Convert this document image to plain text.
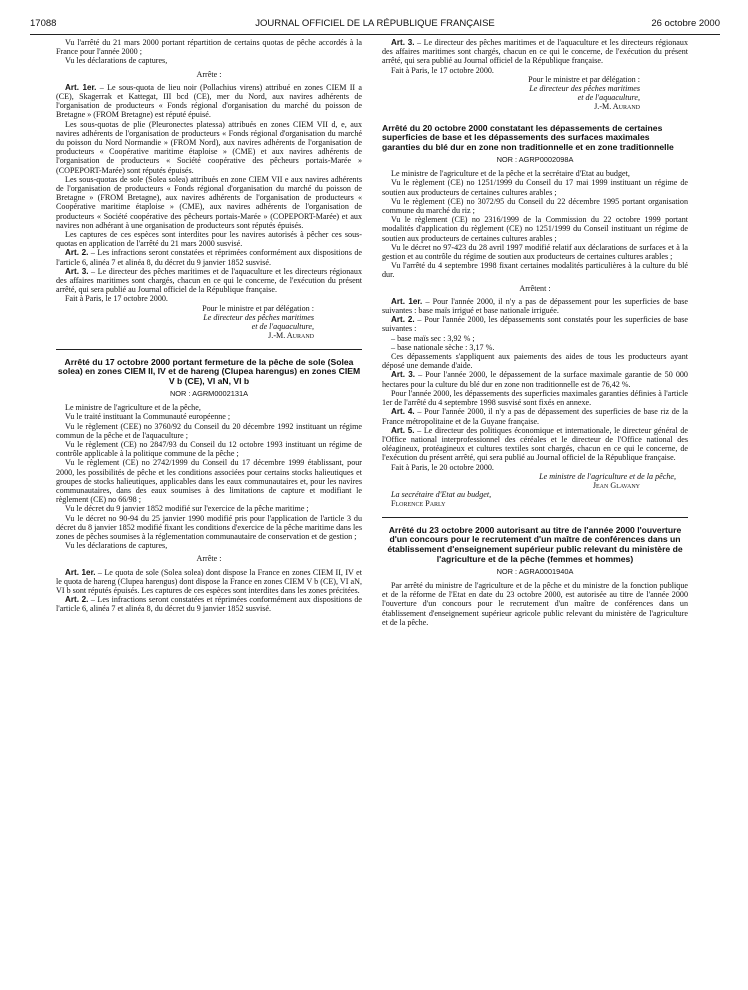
17088	JOURNAL OFFICIEL DE LA RÉPUBLIQUE FRANÇAISE	26 octobre 2000

Vu l'arrêté du 21 mars 2000 portant répartition de certains quotas de pêche accordés à la France pour l'année 2000 ;

Vu les déclarations de captures,

Arrête :

Art. 1er. – Le sous-quota de lieu noir (Pollachius virens) attribué en zones CIEM II a (CE), Skagerrak et Kattegat, III bcd (CE), mer du Nord, aux navires adhérents de l'organisation de producteurs « Fonds régional d'organisation du marché du poisson de Bretagne » (FROM Bretagne) est réputé épuisé.

Les sous-quotas de plie (Pleuronectes platessa) attribués en zones CIEM VII d, e, aux navires adhérents de l'organisation de producteurs « Fonds régional d'organisation du marché du poisson du Nord Normandie » (FROM Nord), aux navires adhérents de l'organisation de producteurs « Coopérative maritime étaploise » (CME) et aux navires adhérents de l'organisation de producteurs « Société coopérative des pêcheurs portais-Marée » (COPEPORT-Marée) sont réputés épuisés.

Les sous-quotas de sole (Solea solea) attribués en zone CIEM VII e aux navires adhérents de l'organisation de producteurs « Fonds régional d'organisation du marché du poisson de Bretagne » (FROM Bretagne), aux navires adhérents de l'organisation de producteurs « Coopérative maritime étaploise » (CME), aux navires adhérents de l'organisation de producteurs « Société coopérative des pêcheurs portais-Marée » (COPEPORT-Marée) et aux navires non adhérant à une organisation de producteurs sont réputés épuisés.

Les captures de ces espèces sont interdites pour les navires autorisés à pêcher ces sous-quotas en application de l'arrêté du 21 mars 2000 susvisé.

Art. 2. – Les infractions seront constatées et réprimées conformément aux dispositions de l'article 6, alinéa 7 et alinéa 8, du décret du 9 janvier 1852 susvisé.

Art. 3. – Le directeur des pêches maritimes et de l'aquaculture et les directeurs régionaux des affaires maritimes sont chargés, chacun en ce qui le concerne, de l'exécution du présent arrêté, qui sera publié au Journal officiel de la République française.

Fait à Paris, le 17 octobre 2000.

Pour le ministre et par délégation :

Le directeur des pêches maritimes

et de l'aquaculture,

J.-M. Aurand

Arrêté du 17 octobre 2000 portant fermeture de la pêche de sole (Solea solea) en zones CIEM II, IV et de hareng (Clupea harengus) en zones CIEM V b (CE), VI aN, VI b

NOR : AGRM0002131A

Le ministre de l'agriculture et de la pêche,

Vu le traité instituant la Communauté européenne ;

Vu le règlement (CEE) no 3760/92 du Conseil du 20 décembre 1992 instituant un régime commun de la pêche et de l'aquaculture ;

Vu le règlement (CE) no 2847/93 du Conseil du 12 octobre 1993 instituant un régime de contrôle applicable à la politique commune de la pêche ;

Vu le règlement (CE) no 2742/1999 du Conseil du 17 décembre 1999 établissant, pour 2000, les possibilités de pêche et les conditions associées pour certains stocks halieutiques et groupes de stocks halieutiques, applicables dans les eaux communautaires et, pour les navires communautaires, dans des eaux soumises à des limitations de capture et modifiant le règlement (CE) no 66/98 ;

Vu le décret du 9 janvier 1852 modifié sur l'exercice de la pêche maritime ;

Vu le décret no 90-94 du 25 janvier 1990 modifié pris pour l'application de l'article 3 du décret du 8 janvier 1852 modifié fixant les conditions d'exercice de la pêche maritime dans les zones de pêches soumises à la réglementation communautaire de conservation et de gestion ;

Vu les déclarations de captures,

Arrête :

Art. 1er. – Le quota de sole (Solea solea) dont dispose la France en zones CIEM II, IV et le quota de hareng (Clupea harengus) dont dispose la France en zones CIEM V b (CE), VI aN, VI b sont réputés épuisés. Les captures de ces espèces sont interdites dans les zones précitées.

Art. 2. – Les infractions seront constatées et réprimées conformément aux dispositions de l'article 6, alinéa 7 et alinéa 8, du décret du 9 janvier 1852 susvisé.

Art. 3. – Le directeur des pêches maritimes et de l'aquaculture et les directeurs régionaux des affaires maritimes sont chargés, chacun en ce qui le concerne, de l'exécution du présent arrêté, qui sera publié au Journal officiel de la République française.

Fait à Paris, le 17 octobre 2000.

Pour le ministre et par délégation :

Le directeur des pêches maritimes

et de l'aquaculture,

J.-M. Aurand

Arrêté du 20 octobre 2000 constatant les dépassements de certaines superficies de base et les dépassements des surfaces maximales garanties du blé dur en zone non traditionnelle et en zone traditionnelle

NOR : AGRP0002098A

Le ministre de l'agriculture et de la pêche et la secrétaire d'Etat au budget,

Vu le règlement (CE) no 1251/1999 du Conseil du 17 mai 1999 instituant un régime de soutien aux producteurs de certaines cultures arables ;

Vu le règlement (CE) no 3072/95 du Conseil du 22 décembre 1995 portant organisation commune du marché du riz ;

Vu le règlement (CE) no 2316/1999 de la Commission du 22 octobre 1999 portant modalités d'application du règlement (CE) no 1251/1999 du Conseil instituant un régime de soutien aux producteurs de certaines cultures arables ;

Vu le décret no 97-423 du 28 avril 1997 modifié relatif aux déclarations de surfaces et à la gestion et au contrôle du régime de soutien aux producteurs de certaines cultures arables ;

Vu l'arrêté du 4 septembre 1998 fixant certaines modalités particulières à la culture du blé dur.

Arrêtent :

Art. 1er. – Pour l'année 2000, il n'y a pas de dépassement pour les superficies de base suivantes : base maïs irrigué et base nationale irriguée.

Art. 2. – Pour l'année 2000, les dépassements sont constatés pour les superficies de base suivantes :

– base maïs sec : 3,92 % ;

– base nationale sèche : 3,17 %.

Ces dépassements s'appliquent aux paiements des aides de tous les producteurs ayant déposé une demande d'aide.

Art. 3. – Pour l'année 2000, le dépassement de la surface maximale garantie de 50 000 hectares pour la culture du blé dur en zone non traditionnelle est de 76,42 %.

Pour l'année 2000, les dépassements des superficies maximales garanties définies à l'article 1er de l'arrêté du 4 septembre 1998 susvisé sont fixés en annexe.

Art. 4. – Pour l'année 2000, il n'y a pas de dépassement des superficies de base riz de la France métropolitaine et de la Guyane française.

Art. 5. – Le directeur des politiques économique et internationale, le directeur général de l'Office national interprofessionnel des céréales et le directeur de l'Office national des oléagineux, protéagineux et cultures textiles sont chargés, chacun en ce qui le concerne, de l'exécution du présent arrêté, qui sera publié au Journal officiel de la République française.

Fait à Paris, le 20 octobre 2000.

Le ministre de l'agriculture et de la pêche,

Jean Glavany

La secrétaire d'Etat au budget,

Florence Parly

Arrêté du 23 octobre 2000 autorisant au titre de l'année 2000 l'ouverture d'un concours pour le recrutement d'un maître de conférences dans un établissement d'enseignement supérieur public relevant du ministère de l'agriculture et de la pêche (femmes et hommes)

NOR : AGRA0001940A

Par arrêté du ministre de l'agriculture et de la pêche et du ministre de la fonction publique et de la réforme de l'Etat en date du 23 octobre 2000, est autorisée au titre de l'année 2000 l'ouverture d'un concours pour le recrutement d'un maître de conférences dans un établissement d'enseignement supérieur agricole public relevant du ministère de l'agriculture et de la pêche.
